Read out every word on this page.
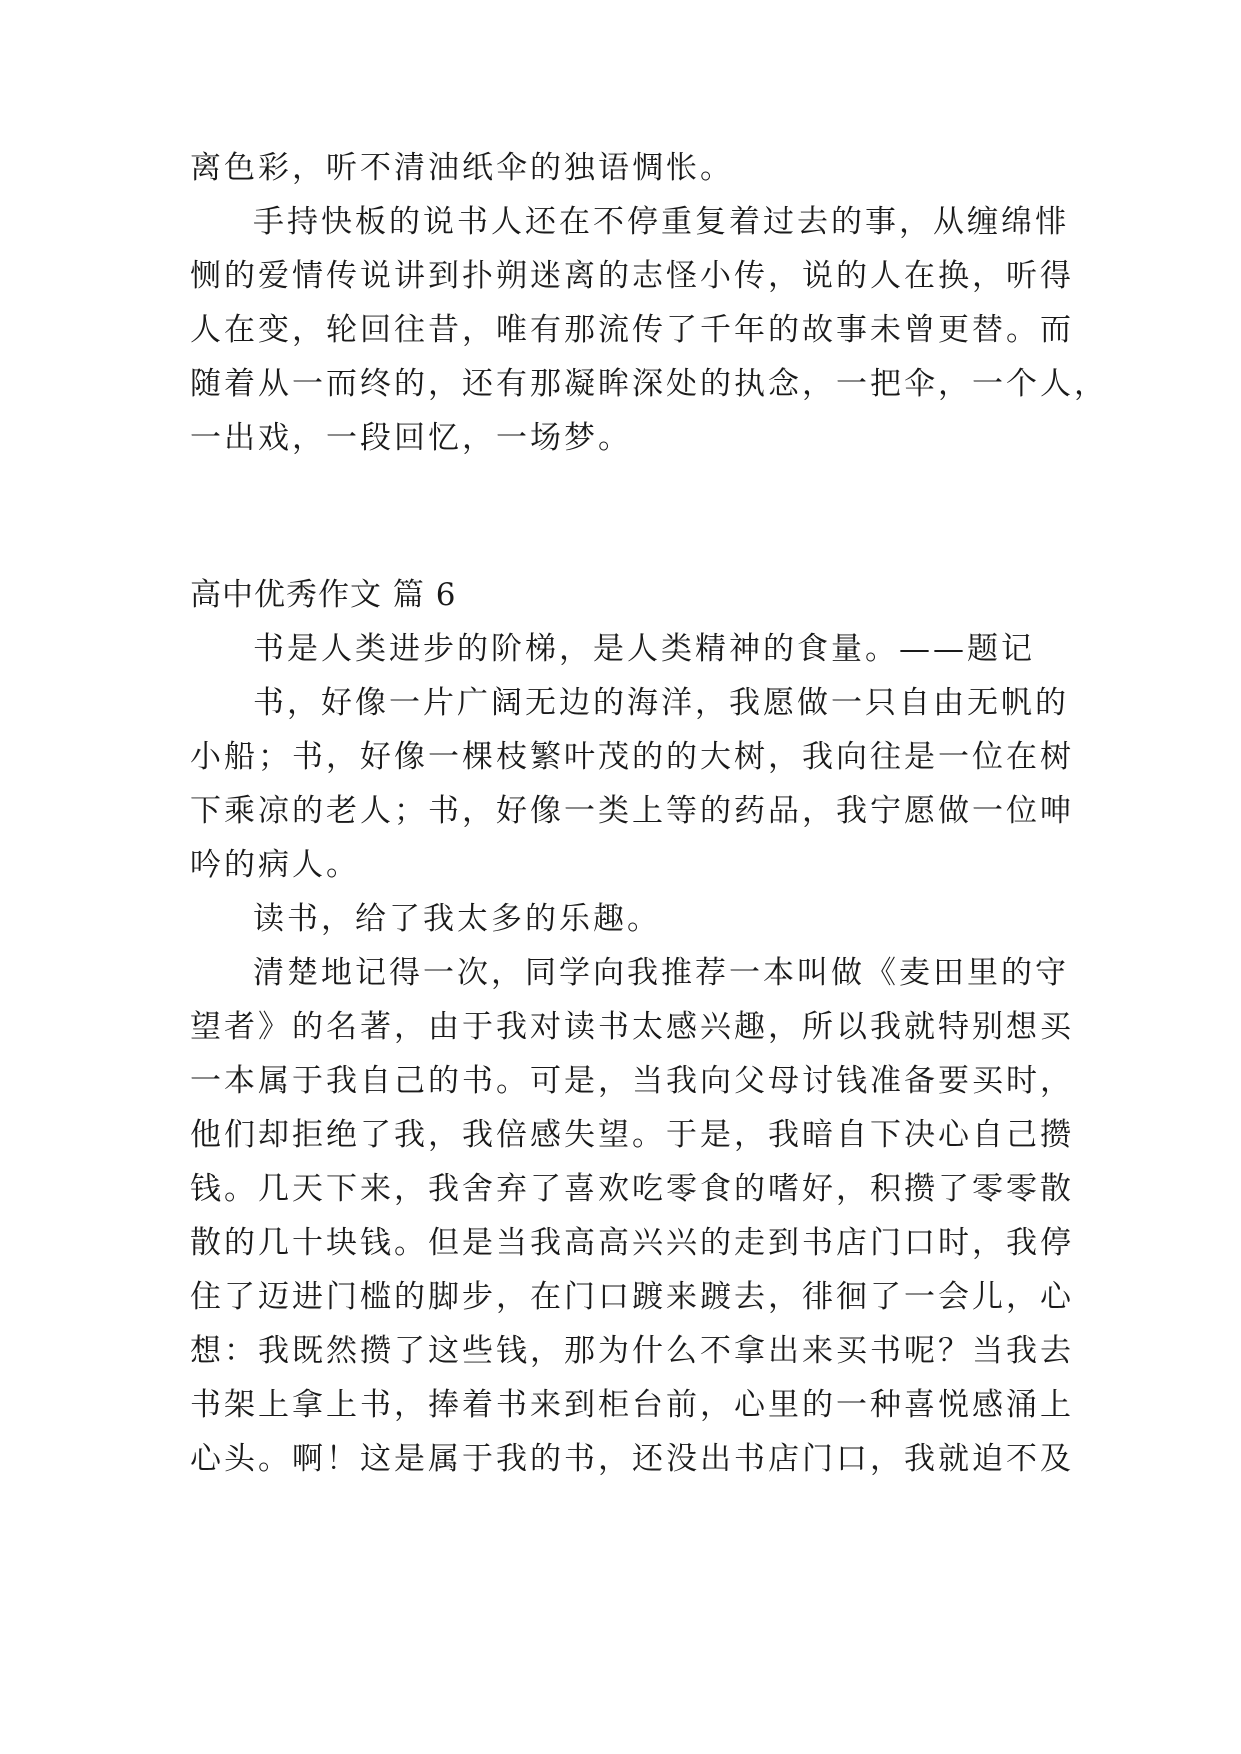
离色彩，听不清油纸伞的独语惆怅。

手持快板的说书人还在不停重复着过去的事，从缠绵悱

恻的爱情传说讲到扑朔迷离的志怪小传，说的人在换，听得

人在变，轮回往昔，唯有那流传了千年的故事未曾更替。而

随着从一而终的，还有那凝眸深处的执念，一把伞，一个人，

一出戏，一段回忆，一场梦。

高中优秀作文 篇 6

书是人类进步的阶梯，是人类精神的食量。——题记

书，好像一片广阔无边的海洋，我愿做一只自由无帆的

小船；书，好像一棵枝繁叶茂的的大树，我向往是一位在树

下乘凉的老人；书，好像一类上等的药品，我宁愿做一位呻

吟的病人。

读书，给了我太多的乐趣。

清楚地记得一次，同学向我推荐一本叫做《麦田里的守

望者》的名著，由于我对读书太感兴趣，所以我就特别想买

一本属于我自己的书。可是，当我向父母讨钱准备要买时，

他们却拒绝了我，我倍感失望。于是，我暗自下决心自己攒

钱。几天下来，我舍弃了喜欢吃零食的嗜好，积攒了零零散

散的几十块钱。但是当我高高兴兴的走到书店门口时，我停

住了迈进门槛的脚步，在门口踱来踱去，徘徊了一会儿，心

想：我既然攒了这些钱，那为什么不拿出来买书呢？当我去

书架上拿上书，捧着书来到柜台前，心里的一种喜悦感涌上

心头。啊！这是属于我的书，还没出书店门口，我就迫不及
